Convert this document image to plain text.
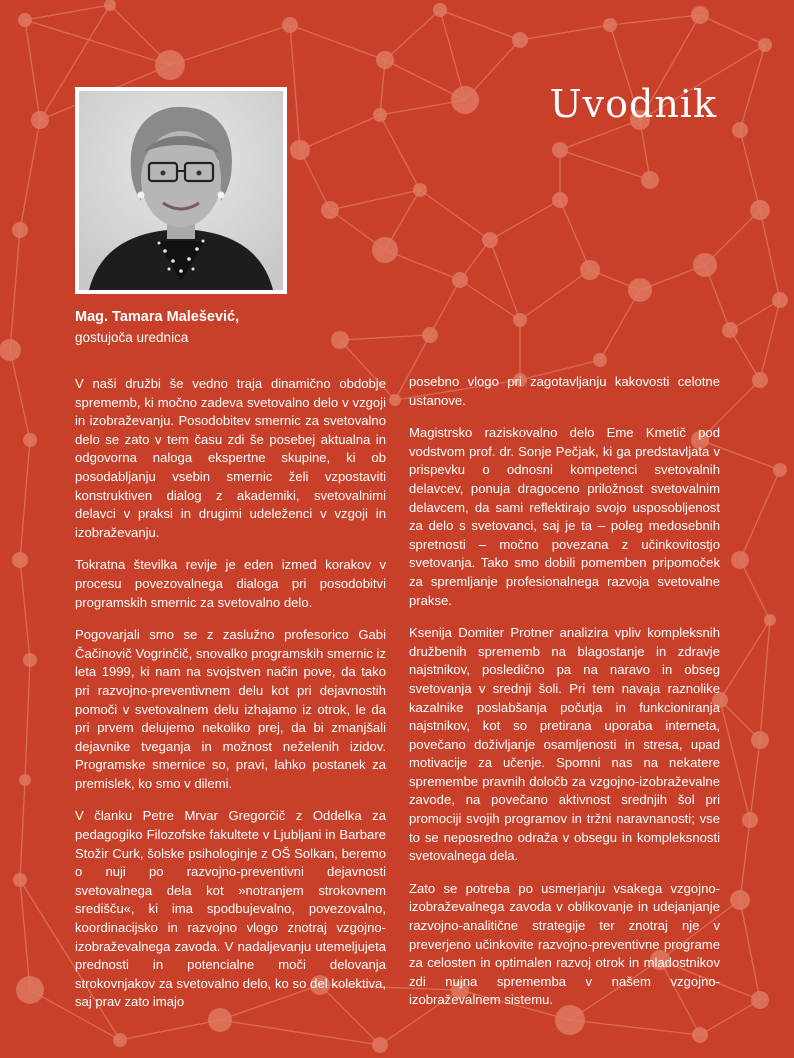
Uvodnik
Mag. Tamara Malešević,
gostujoča urednica

V naši družbi še vedno traja dinamično obdobje sprememb, ki močno zadeva svetovalno delo v vzgoji in izobraževanju. Posodobitev smernic za svetovalno delo se zato v tem času zdi še posebej aktualna in odgovorna naloga ekspertne skupine, ki ob posodabljanju vsebin smernic želi vzpostaviti konstruktiven dialog z akademiki, svetovalnimi delavci v praksi in drugimi udeleženci v vzgoji in izobraževanju.

Tokratna številka revije je eden izmed korakov v procesu povezovalnega dialoga pri posodobitvi programskih smernic za svetovalno delo.

Pogovarjali smo se z zaslužno profesorico Gabi Čačinovič Vogrinčič, snovalko programskih smernic iz leta 1999, ki nam na svojstven način pove, da tako pri razvojno-preventivnem delu kot pri dejavnostih pomoči v svetovalnem delu izhajamo iz otrok, le da pri prvem delujemo nekoliko prej, da bi zmanjšali dejavnike tveganja in možnost neželenih izidov. Programske smernice so, pravi, lahko postanek za premislek, ko smo v dilemi.

V članku Petre Mrvar Gregorčič z Oddelka za pedagogiko Filozofske fakultete v Ljubljani in Barbare Stožir Curk, šolske psihologinje z OŠ Solkan, beremo o nuji po razvojno-preventivni dejavnosti svetovalnega dela kot »notranjem strokovnem središču«, ki ima spodbujevalno, povezovalno, koordinacijsko in razvojno vlogo znotraj vzgojno-izobraževalnega zavoda. V nadaljevanju utemeljujeta prednosti in potencialne moči delovanja strokovnjakov za svetovalno delo, ko so del kolektiva, saj prav zato imajo

posebno vlogo pri zagotavljanju kakovosti celotne ustanove.

Magistrsko raziskovalno delo Eme Kmetič pod vodstvom prof. dr. Sonje Pečjak, ki ga predstavljata v prispevku o odnosni kompetenci svetovalnih delavcev, ponuja dragoceno priložnost svetovalnim delavcem, da sami reflektirajo svojo usposobljenost za delo s svetovanci, saj je ta – poleg medosebnih spretnosti – močno povezana z učinkovitostjo svetovanja. Tako smo dobili pomemben pripomoček za spremljanje profesionalnega razvoja svetovalne prakse.

Ksenija Domiter Protner analizira vpliv kompleksnih družbenih sprememb na blagostanje in zdravje najstnikov, posledično pa na naravo in obseg svetovanja v srednji šoli. Pri tem navaja raznolike kazalnike poslabšanja počutja in funkcioniranja najstnikov, kot so pretirana uporaba interneta, povečano doživljanje osamljenosti in stresa, upad motivacije za učenje. Spomni nas na nekatere spremembe pravnih določb za vzgojno-izobraževalne zavode, na povečano aktivnost srednjih šol pri promociji svojih programov in tržni naravnanosti; vse to se neposredno odraža v obsegu in kompleksnosti svetovalnega dela.

Zato se potreba po usmerjanju vsakega vzgojno-izobraževalnega zavoda v oblikovanje in udejanjanje razvojno-analitične strategije ter znotraj nje v preverjeno učinkovite razvojno-preventivne programe za celosten in optimalen razvoj otrok in mladostnikov zdi nujna sprememba v našem vzgojno-izobraževalnem sistemu.
